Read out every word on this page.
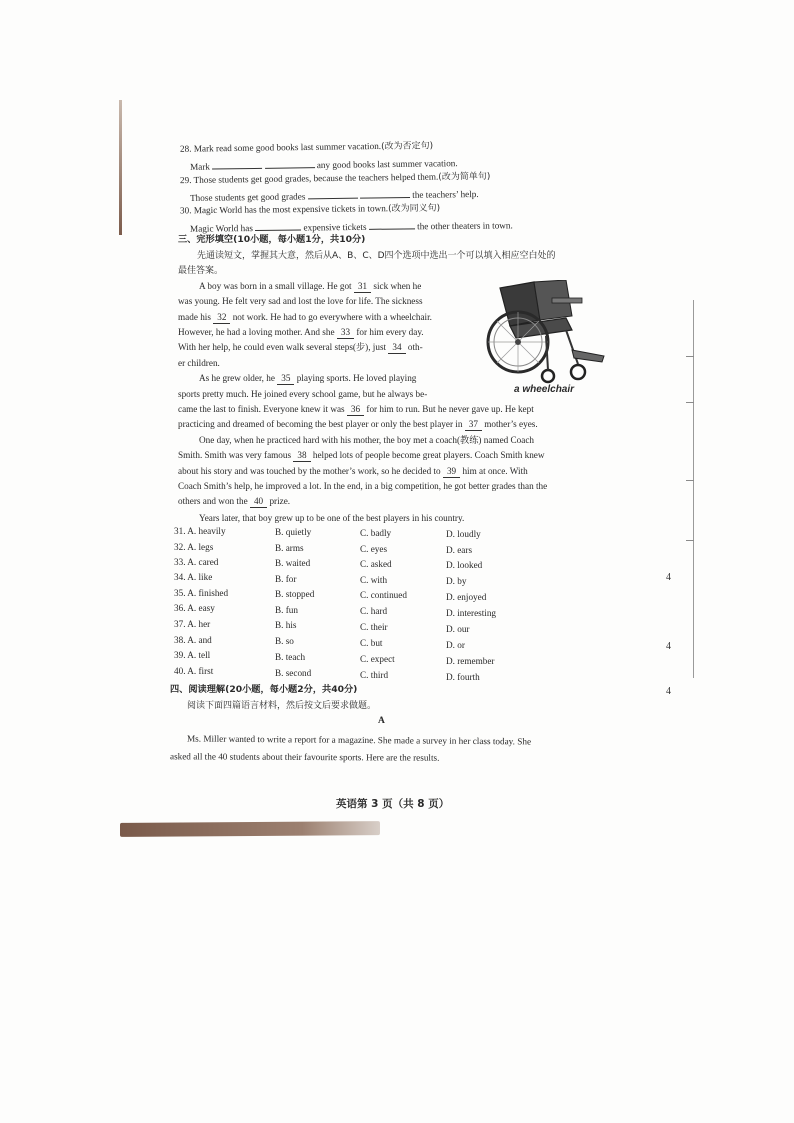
4
4
4
28. Mark read some good books last summer vacation.(改为否定句)
Mark	any good books last summer vacation.
29. Those students get good grades, because the teachers helped them.(改为简单句)
Those students get good grades	the teachers’ help.
30. Magic World has the most expensive tickets in town.(改为同义句)
Magic World has	expensive tickets	the other theaters in town.
三、完形填空(10小题，每小题1分，共10分)
先通读短文，掌握其大意，然后从A、B、C、D四个选项中选出一个可以填入相应空白处的
最佳答案。
A boy was born in a small village. He got 31 sick when he
was young. He felt very sad and lost the love for life. The sickness
made his 32 not work. He had to go everywhere with a wheelchair.
However, he had a loving mother. And she 33 for him every day.
With her help, he could even walk several steps(步), just 34 oth-
er children.
a wheelchair
As he grew older, he 35 playing sports. He loved playing
sports pretty much. He joined every school game, but he always be-
came the last to finish. Everyone knew it was 36 for him to run. But he never gave up. He kept
practicing and dreamed of becoming the best player or only the best player in 37 mother’s eyes.
One day, when he practiced hard with his mother, the boy met a coach(教练) named Coach
Smith. Smith was very famous 38 helped lots of people become great players. Coach Smith knew
about his story and was touched by the mother’s work, so he decided to 39 him at once. With
Coach Smith’s help, he improved a lot. In the end, in a big competition, he got better grades than the
others and won the 40 prize.
Years later, that boy grew up to be one of the best players in his country.
31. A. heavily	B. quietly	C. badly	D. loudly
32. A. legs	B. arms	C. eyes	D. ears
33. A. cared	B. waited	C. asked	D. looked
34. A. like	B. for	C. with	D. by
35. A. finished	B. stopped	C. continued	D. enjoyed
36. A. easy	B. fun	C. hard	D. interesting
37. A. her	B. his	C. their	D. our
38. A. and	B. so	C. but	D. or
39. A. tell	B. teach	C. expect	D. remember
40. A. first	B. second	C. third	D. fourth
四、阅读理解(20小题，每小题2分，共40分)
阅读下面四篇语言材料，然后按文后要求做题。
A
Ms. Miller wanted to write a report for a magazine. She made a survey in her class today. She
asked all the 40 students about their favourite sports. Here are the results.
英语第 3 页（共 8 页）
